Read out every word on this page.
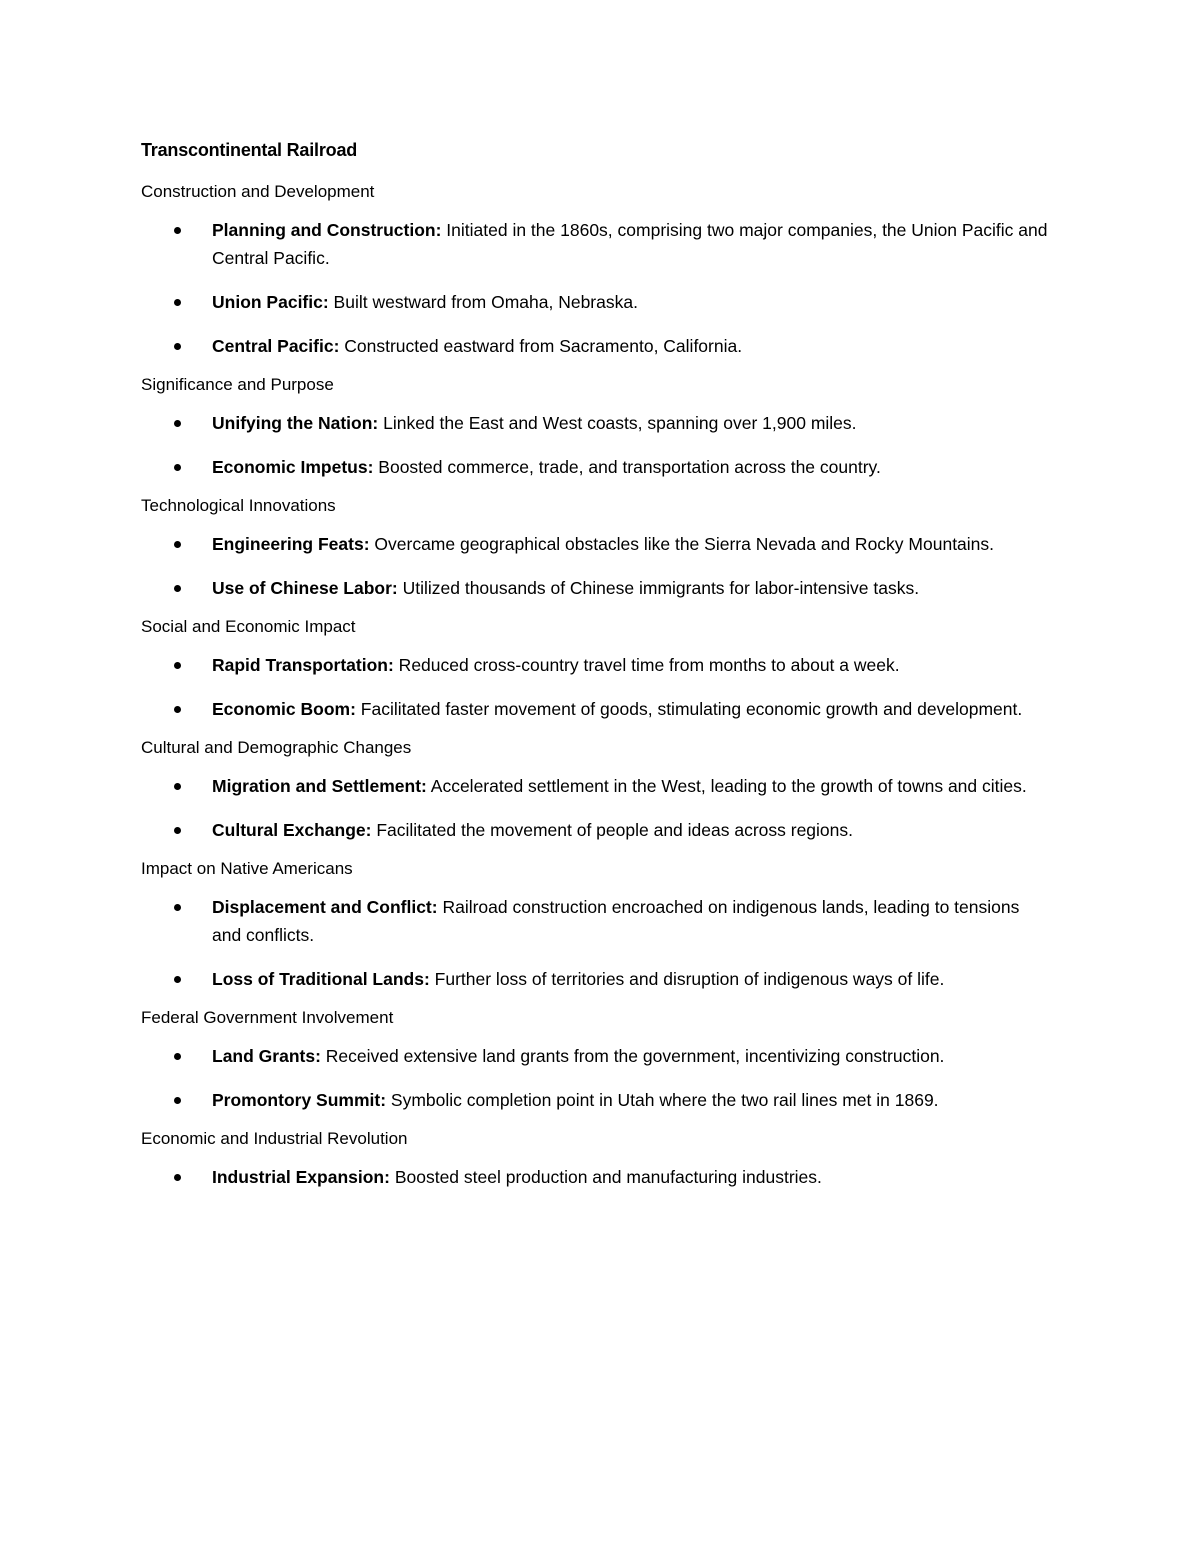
Transcontinental Railroad
Construction and Development
Planning and Construction: Initiated in the 1860s, comprising two major companies, the Union Pacific and Central Pacific.
Union Pacific: Built westward from Omaha, Nebraska.
Central Pacific: Constructed eastward from Sacramento, California.
Significance and Purpose
Unifying the Nation: Linked the East and West coasts, spanning over 1,900 miles.
Economic Impetus: Boosted commerce, trade, and transportation across the country.
Technological Innovations
Engineering Feats: Overcame geographical obstacles like the Sierra Nevada and Rocky Mountains.
Use of Chinese Labor: Utilized thousands of Chinese immigrants for labor-intensive tasks.
Social and Economic Impact
Rapid Transportation: Reduced cross-country travel time from months to about a week.
Economic Boom: Facilitated faster movement of goods, stimulating economic growth and development.
Cultural and Demographic Changes
Migration and Settlement: Accelerated settlement in the West, leading to the growth of towns and cities.
Cultural Exchange: Facilitated the movement of people and ideas across regions.
Impact on Native Americans
Displacement and Conflict: Railroad construction encroached on indigenous lands, leading to tensions and conflicts.
Loss of Traditional Lands: Further loss of territories and disruption of indigenous ways of life.
Federal Government Involvement
Land Grants: Received extensive land grants from the government, incentivizing construction.
Promontory Summit: Symbolic completion point in Utah where the two rail lines met in 1869.
Economic and Industrial Revolution
Industrial Expansion: Boosted steel production and manufacturing industries.
